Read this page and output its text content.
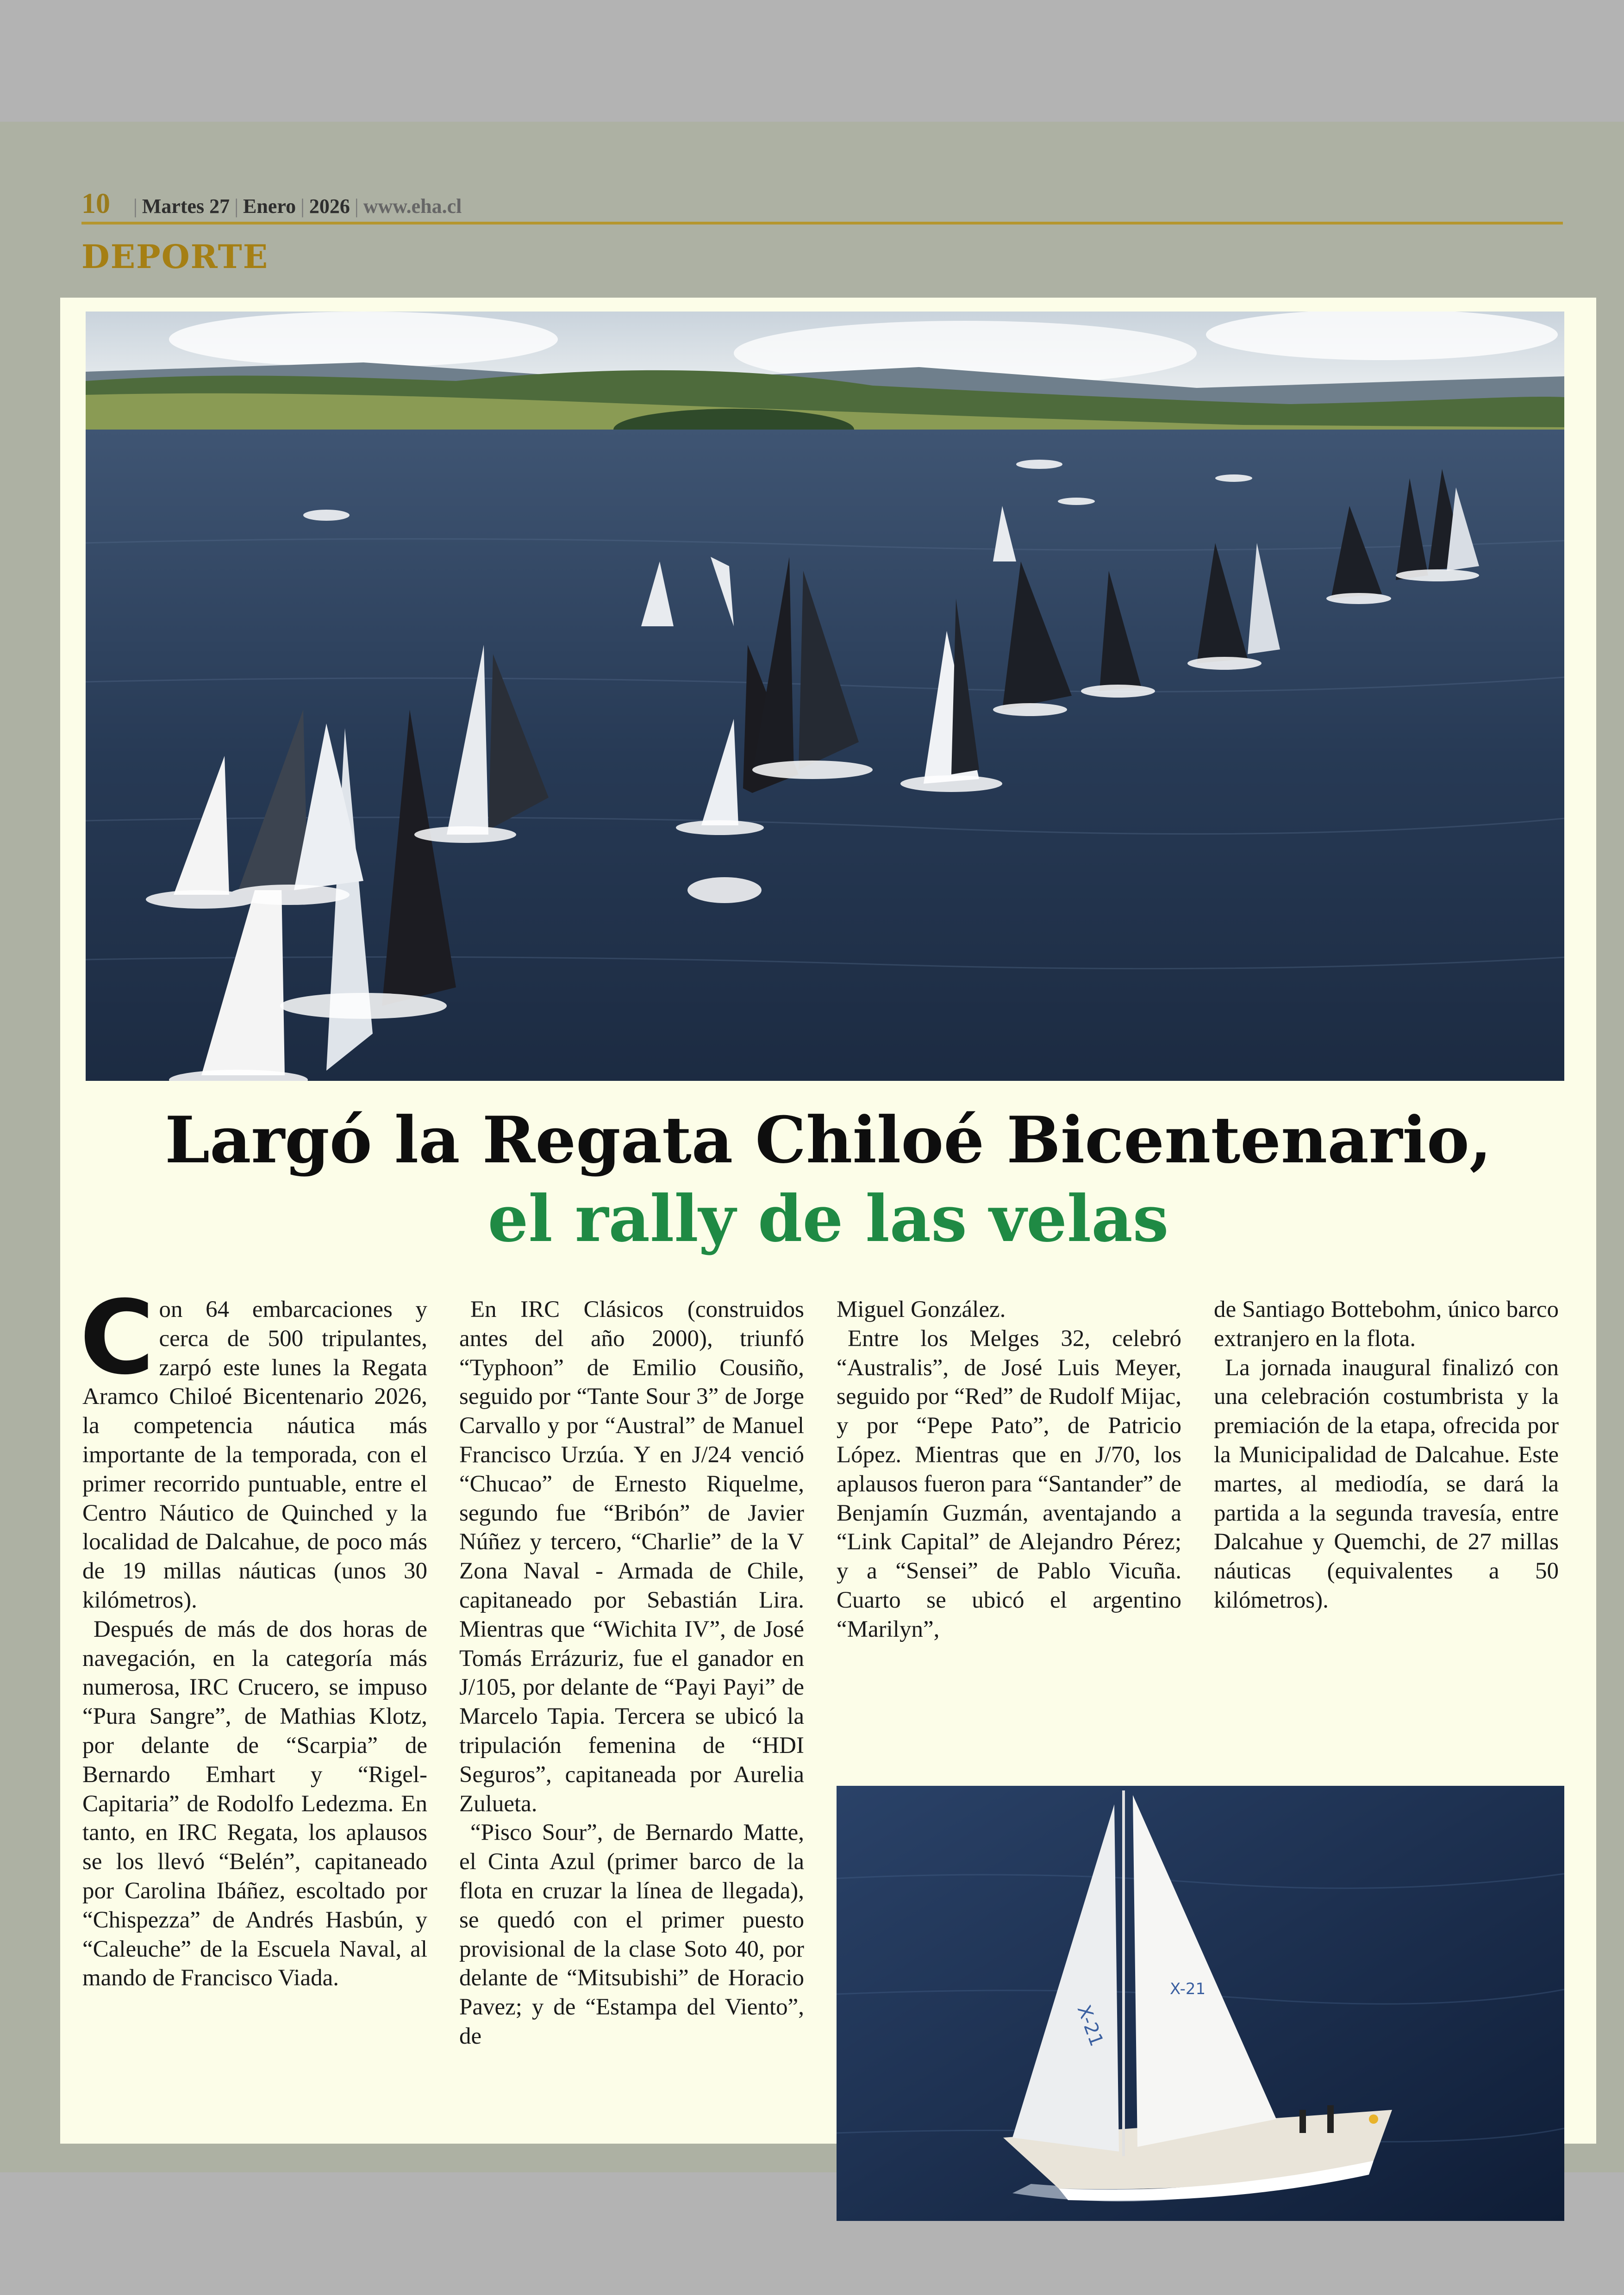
10 | Martes 27 | Enero | 2026 | www.eha.cl
DEPORTE
Largó la Regata Chiloé Bicentenario,
el rally de las velas

Con 64 embarcaciones y cerca de 500 tripulantes, zarpó este lunes la Regata Aramco Chiloé Bicentenario 2026, la competencia náutica más importante de la temporada, con el primer recorrido puntuable, entre el Centro Náutico de Quinched y la localidad de Dalcahue, de poco más de 19 millas náuticas (unos 30 kilómetros).

Después de más de dos horas de navegación, en la categoría más numerosa, IRC Crucero, se impuso “Pura Sangre”, de Mathias Klotz, por delante de “Scarpia” de Bernardo Emhart y “Rigel-Capitaria” de Rodolfo Ledezma. En tanto, en IRC Regata, los aplausos se los llevó “Belén”, capitaneado por Carolina Ibáñez, escoltado por “Chispezza” de Andrés Hasbún, y “Caleuche” de la Escuela Naval, al mando de Francisco Viada.

En IRC Clásicos (construidos antes del año 2000), triunfó “Typhoon” de Emilio Cousiño, seguido por “Tante Sour 3” de Jorge Carvallo y por “Austral” de Manuel Francisco Urzúa. Y en J/24 venció “Chucao” de Ernesto Riquelme, segundo fue “Bribón” de Javier Núñez y tercero, “Charlie” de la V Zona Naval - Armada de Chile, capitaneado por Sebastián Lira. Mientras que “Wichita IV”, de José Tomás Errázuriz, fue el ganador en J/105, por delante de “Payi Payi” de Marcelo Tapia. Tercera se ubicó la tripulación femenina de “HDI Seguros”, capitaneada por Aurelia Zulueta.

“Pisco Sour”, de Bernardo Matte, el Cinta Azul (primer barco de la flota en cruzar la línea de llegada), se quedó con el primer puesto provisional de la clase Soto 40, por delante de “Mitsubishi” de Horacio Pavez; y de “Estampa del Viento”, de

Miguel González.

Entre los Melges 32, celebró “Australis”, de José Luis Meyer, seguido por “Red” de Rudolf Mijac, y por “Pepe Pato”, de Patricio López. Mientras que en J/70, los aplausos fueron para “Santander” de Benjamín Guzmán, aventajando a “Link Capital” de Alejandro Pérez; y a “Sensei” de Pablo Vicuña. Cuarto se ubicó el argentino “Marilyn”,

de Santiago Bottebohm, único barco extranjero en la flota.

La jornada inaugural finalizó con una celebración costumbrista y la premiación de la etapa, ofrecida por la Municipalidad de Dalcahue. Este martes, al mediodía, se dará la partida a la segunda travesía, entre Dalcahue y Quemchi, de 27 millas náuticas (equivalentes a 50 kilómetros).

X-21
X-21
